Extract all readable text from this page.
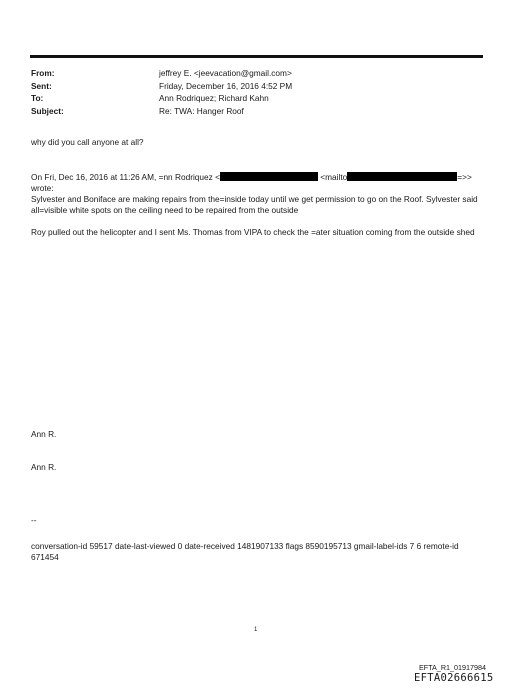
From:	jeffrey E. <jeevacation@gmail.com>
Sent:	Friday, December 16, 2016 4:52 PM
To:	Ann Rodriquez; Richard Kahn
Subject:	Re: TWA: Hanger Roof
why did you call anyone at all?
On Fri, Dec 16, 2016 at 11:26 AM, =nn Rodriquez <	<mailto	=>>
wrote:
Sylvester and Boniface are making repairs from the=inside today until we get permission to go on the Roof. Sylvester said all=visible white spots on the ceiling need to be repaired from the outside
Roy pulled out the helicopter and I sent Ms. Thomas from VIPA to check the =ater situation coming from the outside shed
Ann R.
Ann R.
--
conversation-id 59517 date-last-viewed 0 date-received 1481907133 flags 8590195713 gmail-label-ids 7 6 remote-id 671454
1
EFTA_R1_01917984
EFTA02666615
